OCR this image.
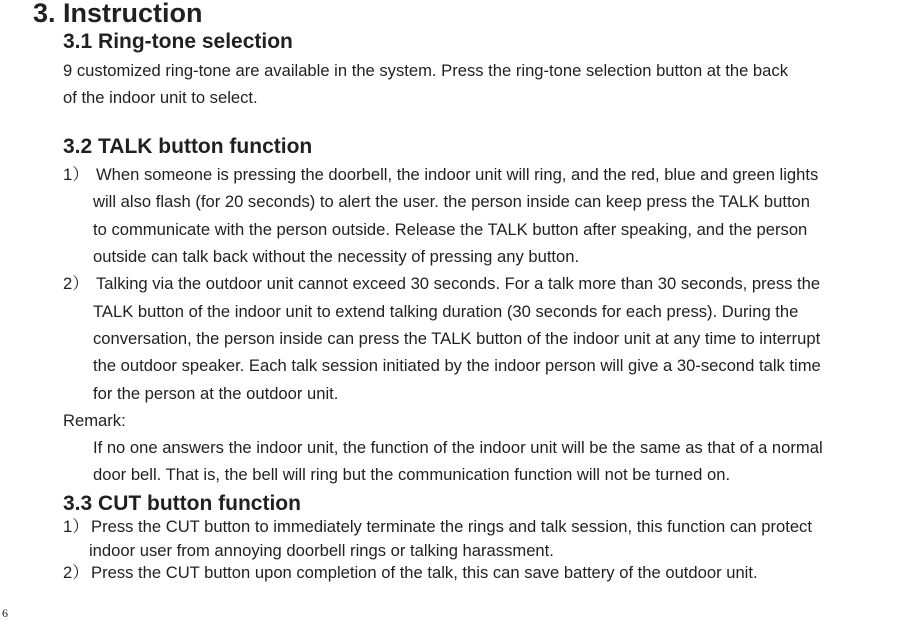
3. Instruction
3.1 Ring-tone selection
9 customized ring-tone are available in the system. Press the ring-tone selection button at the back
of the indoor unit to select.
3.2 TALK button function
1） When someone is pressing the doorbell, the indoor unit will ring, and the red, blue and green lights
will also flash (for 20 seconds) to alert the user. the person inside can keep press the TALK button
to communicate with the person outside. Release the TALK button after speaking, and the person
outside can talk back without the necessity of pressing any button.
2） Talking via the outdoor unit cannot exceed 30 seconds. For a talk more than 30 seconds, press the
TALK button of the indoor unit to extend talking duration (30 seconds for each press). During the
conversation, the person inside can press the TALK button of the indoor unit at any time to interrupt
the outdoor speaker. Each talk session initiated by the indoor person will give a 30-second talk time
for the person at the outdoor unit.
Remark:
If no one answers the indoor unit, the function of the indoor unit will be the same as that of a normal
door bell. That is, the bell will ring but the communication function will not be turned on.
3.3 CUT button function
1） Press the CUT button to immediately terminate the rings and talk session, this function can protect
indoor user from annoying doorbell rings or talking harassment.
2） Press the CUT button upon completion of the talk, this can save battery of the outdoor unit.
6
